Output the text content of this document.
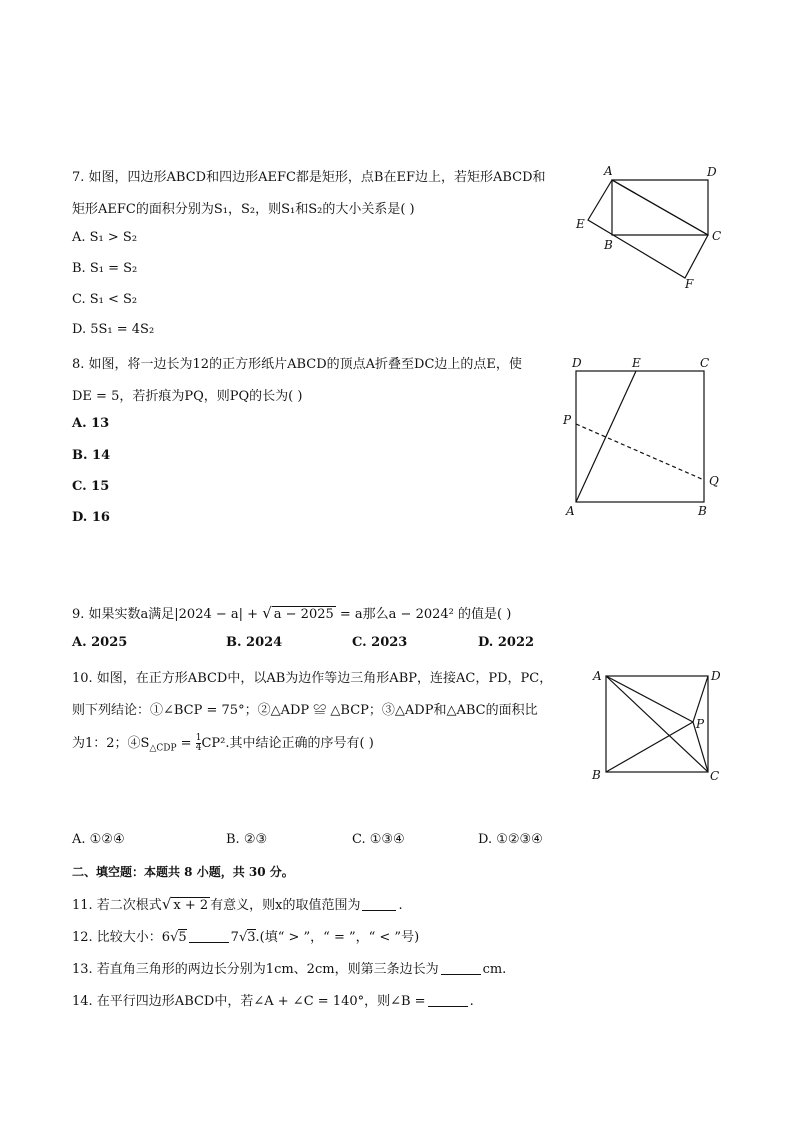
7. 如图，四边形ABCD和四边形AEFC都是矩形，点B在EF边上，若矩形ABCD和
矩形AEFC的面积分别为S₁，S₂，则S₁和S₂的大小关系是( )
A. S₁ > S₂
B. S₁ = S₂
C. S₁ < S₂
D. 5S₁ = 4S₂
A	D
E
B
C
F
8. 如图，将一边长为12的正方形纸片ABCD的顶点A折叠至DC边上的点E，使
DE = 5，若折痕为PQ，则PQ的长为( )
A. 13
B. 14
C. 15
D. 16
D	E	C
P
Q
A	B
9. 如果实数a满足|2024 − a| + √ a − 2025 = a那么a − 2024² 的值是( )
A. 2025	B. 2024	C. 2023	D. 2022
10. 如图，在正方形ABCD中，以AB为边作等边三角形ABP，连接AC，PD，PC，
则下列结论：①∠BCP = 75°；②△ADP ≌ △BCP；③△ADP和△ABC的面积比
为1：2；$④S_{\triangle CDP} = \frac{1}{4} CP^2$.其中结论正确的序号有( )
A	D
P
B	C
A. ①②④	B. ②③	C. ①③④	D. ①②③④
二、填空题：本题共 8 小题，共 30 分。
11. 若二次根式√ x + 2 有意义，则x的取值范围为	.
12. 比较大小：6√5	7√3.(填“ > ”，“ = ”，“ < ”号)
13. 若直角三角形的两边长分别为1cm、2cm，则第三条边长为	cm.
14. 在平行四边形ABCD中，若∠A + ∠C = 140°，则∠B =	.
